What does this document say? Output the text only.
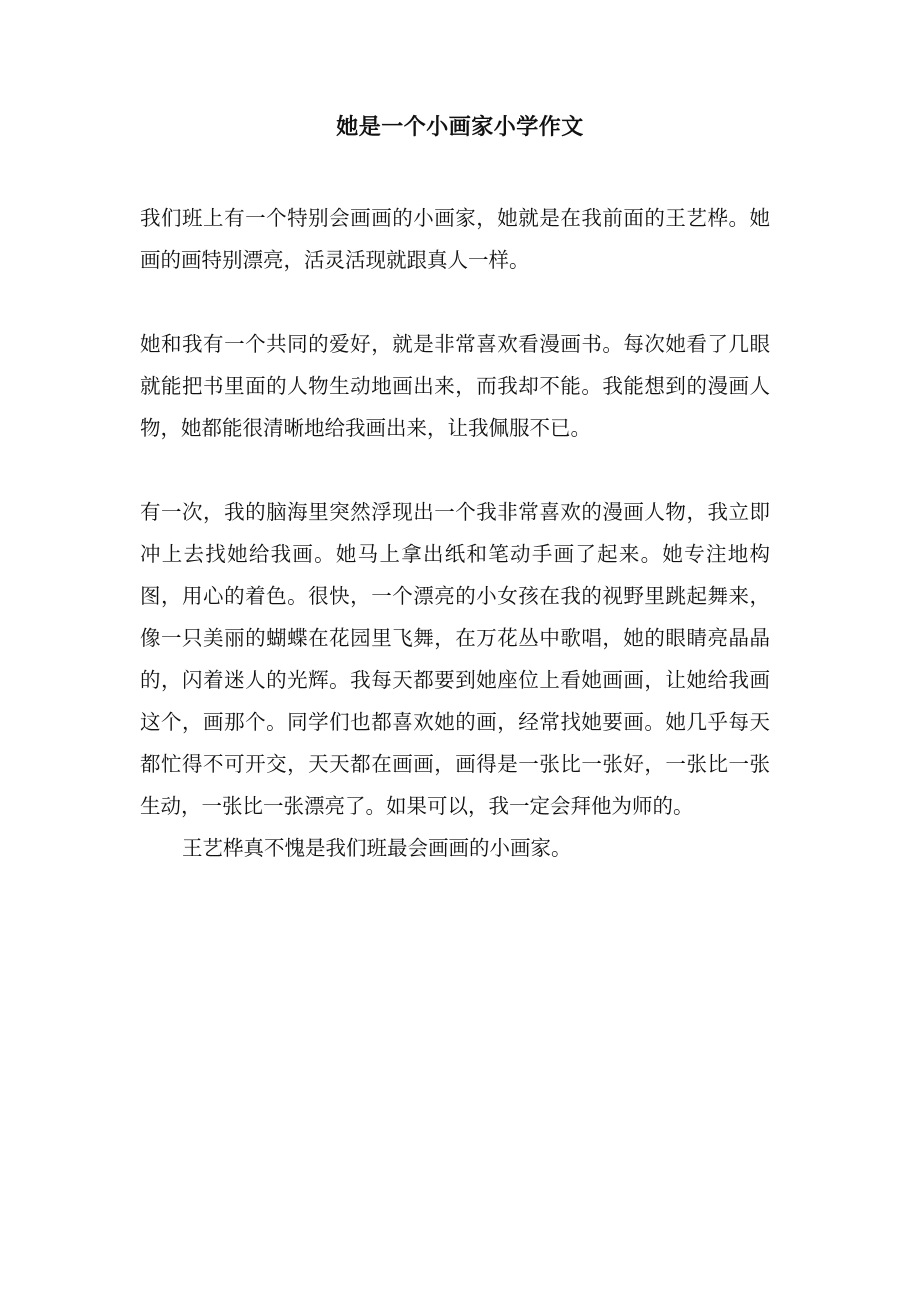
她是一个小画家小学作文

我们班上有一个特别会画画的小画家，她就是在我前面的王艺桦。她画的画特别漂亮，活灵活现就跟真人一样。

她和我有一个共同的爱好，就是非常喜欢看漫画书。每次她看了几眼就能把书里面的人物生动地画出来，而我却不能。我能想到的漫画人物，她都能很清晰地给我画出来，让我佩服不已。

有一次，我的脑海里突然浮现出一个我非常喜欢的漫画人物，我立即冲上去找她给我画。她马上拿出纸和笔动手画了起来。她专注地构图，用心的着色。很快，一个漂亮的小女孩在我的视野里跳起舞来，像一只美丽的蝴蝶在花园里飞舞，在万花丛中歌唱，她的眼睛亮晶晶的，闪着迷人的光辉。我每天都要到她座位上看她画画，让她给我画这个，画那个。同学们也都喜欢她的画，经常找她要画。她几乎每天都忙得不可开交，天天都在画画，画得是一张比一张好，一张比一张生动，一张比一张漂亮了。如果可以，我一定会拜他为师的。

王艺桦真不愧是我们班最会画画的小画家。
